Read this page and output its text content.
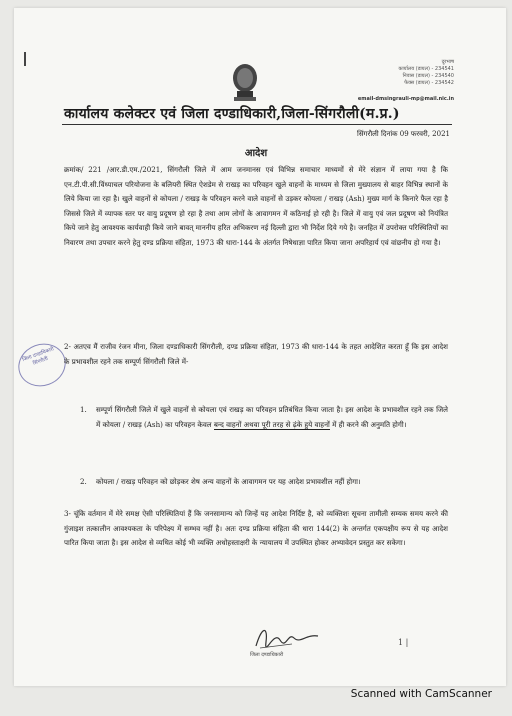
दूरभाष
कार्यालय (डायल) - 234541
निवास (डायल) - 234540
फैक्स (डायल) - 234542
email-dmsingrauli-mp@mail.nic.in
कार्यालय कलेक्टर एवं जिला दण्डाधिकारी,जिला-सिंगरौली(म.प्र.)
सिंगरौली दिनांक 09 फरवरी, 2021
आदेश
क्रमांक/ 221 /आर.डी.एम./2021, सिंगरौली जिले में आम जनमानस एवं विभिन्न समाचार माध्यमों से मेरे संज्ञान में लाया गया है कि एन.टी.पी.सी.विंध्याचल परियोजना के बलियरी स्थित ऐशडेम से राखड़ का परिवहन खुले वाहनों के माध्यम से जिला मुख्यालय से बाहर विभिन्न स्थानों के लिये किया जा रहा है। खुले वाहनों से कोयला / राखड़ के परिवहन करने वाले वाहनों से उड़कर कोयला / राखड़ (Ash) मुख्य मार्ग के किनारे फैल रहा है जिससे जिले में व्यापक स्तर पर वायु प्रदूषण हो रहा है तथा आम लोगों के आवागमन में कठिनाई हो रही है। जिले में वायु एवं जल प्रदूषण को नियंत्रित किये जाने हेतु आवश्यक कार्यवाही किये जाने बावत् माननीय हरित अभिकरण नई दिल्ली द्वारा भी निर्देश दिये गये है। जनहित में उपरोक्त परिस्थितियों का निवारण तथा उपचार करने हेतु दण्ड प्रक्रिया संहिता, 1973 की धारा-144 के अंतर्गत निषेधाज्ञा पारित किया जाना अपरिहार्य एवं वांछनीय हो गया है।
जिला दण्डाधिकारी सिंगरौली
2- अतएव मैं राजीव रंजन मीना, जिला दण्डाधिकारी सिंगरौली, दण्ड प्रक्रिया संहिता, 1973 की धारा-144 के तहत आदेशित करता हूँ कि इस आदेश के प्रभावशील रहने तक सम्पूर्ण सिंगरौली जिले में-
1. सम्पूर्ण सिंगरौली जिले में खुले वाहनों से कोयला एवं राखड़ का परिवहन प्रतिबंधित किया जाता है। इस आदेश के प्रभावशील रहने तक जिले में कोयला / राखड़ (Ash) का परिवहन केवल बन्द वाहनों अथवा पूरी तरह से ढ़ंके हुये वाहनों में ही करने की अनुमति होगी।
2. कोयला / राखड़ परिवहन को छोड़कर शेष अन्य वाहनों के आवागमन पर यह आदेश प्रभावशील नहीं होगा।
3- चूंकि वर्तमान में मेरे समक्ष ऐसी परिस्थितियां हैं कि जनसामान्य को जिन्हें यह आदेश निर्दिष्ट है, को व्यक्तिशः सूचना तामीली सम्यक समय करने की गुंजाइश तत्कालीन आवश्यकता के परिपेक्ष्य में सम्भव नहीं है। अतः दण्ड प्रक्रिया संहिता की धारा 144(2) के अन्तर्गत एकपक्षीय रूप से यह आदेश पारित किया जाता है। इस आदेश से व्यथित कोई भी व्यक्ति अधोहस्ताक्षरी के न्यायालय में उपस्थित होकर अभ्यावेदन प्रस्तुत कर सकेगा।
जिला दण्डाधिकारी
1 |
Scanned with CamScanner
